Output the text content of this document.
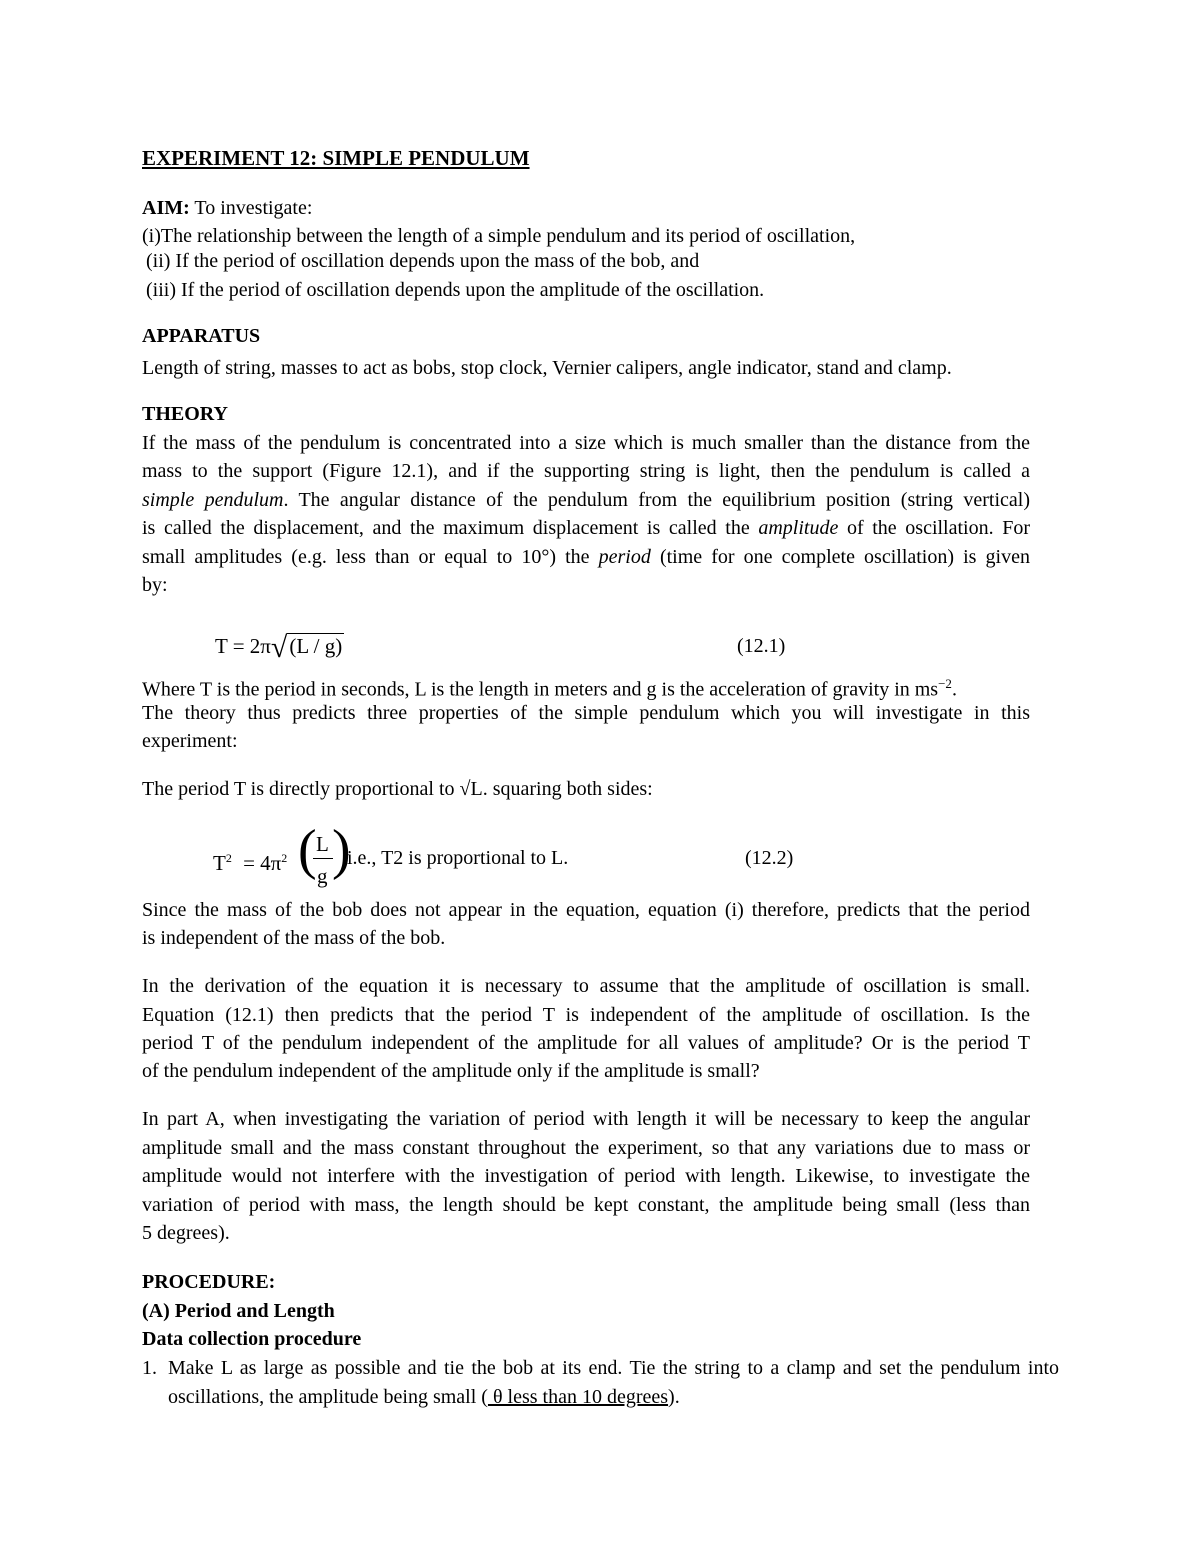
EXPERIMENT 12: SIMPLE PENDULUM
AIM: To investigate:
(i)The relationship between the length of a simple pendulum and its period of oscillation,
(ii) If the period of oscillation depends upon the mass of the bob, and
(iii) If the period of oscillation depends upon the amplitude of the oscillation.
APPARATUS
Length of string, masses to act as bobs, stop clock, Vernier calipers, angle indicator, stand and clamp.
THEORY
If the mass of the pendulum is concentrated into a size which is much smaller than the distance from the
mass to the support (Figure 12.1), and if the supporting string is light, then the pendulum is called a
simple pendulum. The angular distance of the pendulum from the equilibrium position (string vertical)
is called the displacement, and the maximum displacement is called the amplitude of the oscillation. For
small amplitudes (e.g. less than or equal to 10°) the period (time for one complete oscillation) is given
by:
T = 2π√(L / g)	(12.1)
Where T is the period in seconds, L is the length in meters and g is the acceleration of gravity in $ms^{-2}$.
The theory thus predicts three properties of the simple pendulum which you will investigate in this
experiment:
The period T is directly proportional to √L. squaring both sides:
$T^2 = 4\pi^2$ ( L
g )
i.e., T2 is proportional to L.	(12.2)
Since the mass of the bob does not appear in the equation, equation (i) therefore, predicts that the period
is independent of the mass of the bob.
In the derivation of the equation it is necessary to assume that the amplitude of oscillation is small.
Equation (12.1) then predicts that the period T is independent of the amplitude of oscillation. Is the
period T of the pendulum independent of the amplitude for all values of amplitude? Or is the period T
of the pendulum independent of the amplitude only if the amplitude is small?
In part A, when investigating the variation of period with length it will be necessary to keep the angular
amplitude small and the mass constant throughout the experiment, so that any variations due to mass or
amplitude would not interfere with the investigation of period with length. Likewise, to investigate the
variation of period with mass, the length should be kept constant, the amplitude being small (less than
5 degrees).
PROCEDURE:
(A) Period and Length
Data collection procedure
1. Make L as large as possible and tie the bob at its end. Tie the string to a clamp and set the pendulum into
oscillations, the amplitude being small ( θ less than 10 degrees).
